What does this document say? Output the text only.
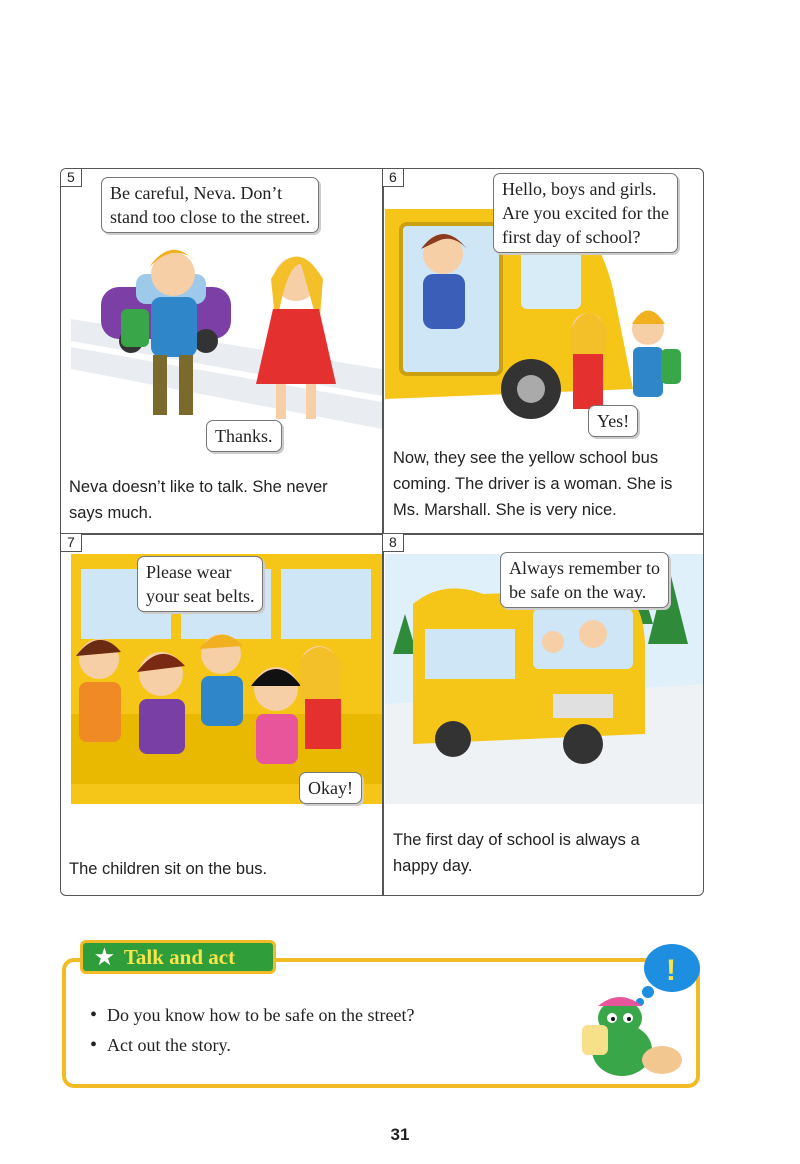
5
Be careful, Neva. Don’t
stand too close to the street.
Thanks.
Neva doesn’t like to talk. She never
says much.
6
Hello, boys and girls.
Are you excited for the
first day of school?
Yes!
Now, they see the yellow school bus
coming. The driver is a woman. She is
Ms. Marshall. She is very nice.
7
Please wear
your seat belts.
Okay!
The children sit on the bus.
8
Always remember to
be safe on the way.
The first day of school is always a
happy day.
★ Talk and act
• Do you know how to be safe on the street?
• Act out the story.
!
31
